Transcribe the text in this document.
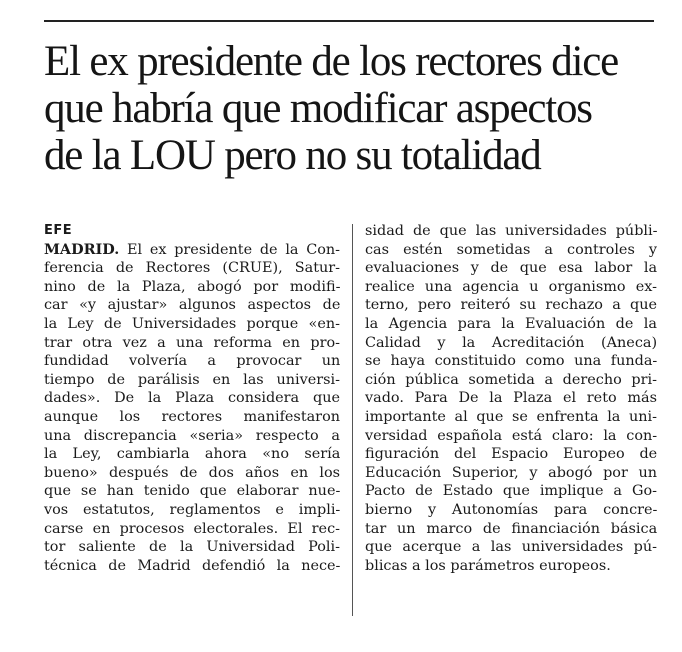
El ex presidente de los rectores dice
que habría que modificar aspectos
de la LOU pero no su totalidad
EFE
MADRID. El ex presidente de la Con-
ferencia de Rectores (CRUE), Satur-
nino de la Plaza, abogó por modifi-
car «y ajustar» algunos aspectos de
la Ley de Universidades porque «en-
trar otra vez a una reforma en pro-
fundidad volvería a provocar un
tiempo de parálisis en las universi-
dades». De la Plaza considera que
aunque los rectores manifestaron
una discrepancia «seria» respecto a
la Ley, cambiarla ahora «no sería
bueno» después de dos años en los
que se han tenido que elaborar nue-
vos estatutos, reglamentos e impli-
carse en procesos electorales. El rec-
tor saliente de la Universidad Poli-
técnica de Madrid defendió la nece-
sidad de que las universidades públi-
cas estén sometidas a controles y
evaluaciones y de que esa labor la
realice una agencia u organismo ex-
terno, pero reiteró su rechazo a que
la Agencia para la Evaluación de la
Calidad y la Acreditación (Aneca)
se haya constituido como una funda-
ción pública sometida a derecho pri-
vado. Para De la Plaza el reto más
importante al que se enfrenta la uni-
versidad española está claro: la con-
figuración del Espacio Europeo de
Educación Superior, y abogó por un
Pacto de Estado que implique a Go-
bierno y Autonomías para concre-
tar un marco de financiación básica
que acerque a las universidades pú-
blicas a los parámetros europeos.
